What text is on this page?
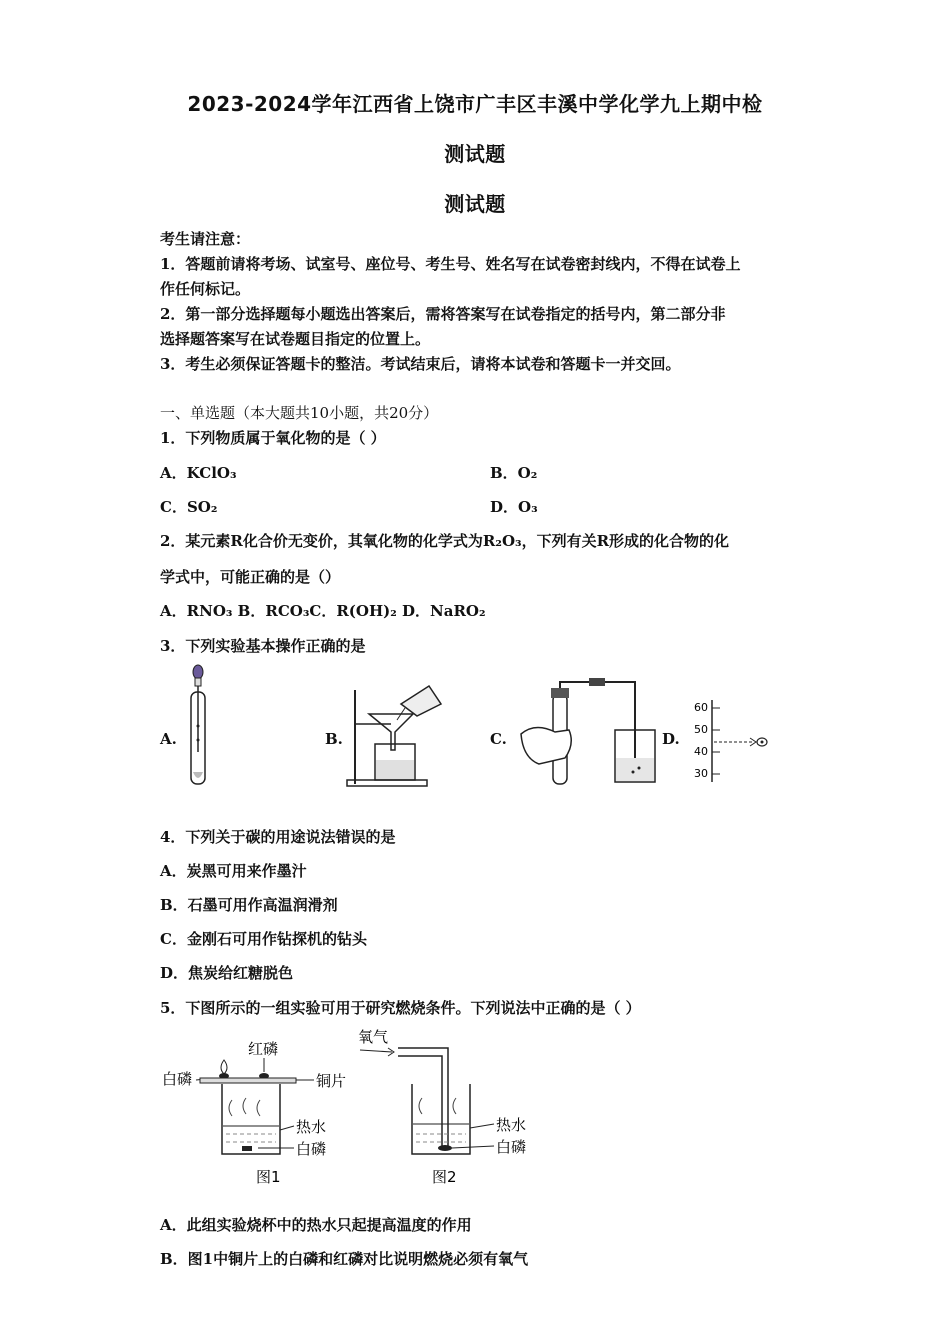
2023-2024学年江西省上饶市广丰区丰溪中学化学九上期中检
测试题
测试题
考生请注意：
1．答题前请将考场、试室号、座位号、考生号、姓名写在试卷密封线内，不得在试卷上
作任何标记。
2．第一部分选择题每小题选出答案后，需将答案写在试卷指定的括号内，第二部分非
选择题答案写在试卷题目指定的位置上。
3．考生必须保证答题卡的整洁。考试结束后，请将本试卷和答题卡一并交回。
一、单选题（本大题共10小题，共20分）
1．下列物质属于氧化物的是（ ）
A．KClO₃	B．O₂
C．SO₂	D．O₃
2．某元素R化合价无变价，其氧化物的化学式为R₂O₃，下列有关R形成的化合物的化
学式中，可能正确的是（）
A．RNO₃ B．RCO₃C．R(OH)₂ D．NaRO₂
3．下列实验基本操作正确的是
A.	B.	C.	D.
60
50
40
30
4．下列关于碳的用途说法错误的是
A．炭黑可用来作墨汁
B．石墨可用作高温润滑剂
C．金刚石可用作钻探机的钻头
D．焦炭给红糖脱色
5．下图所示的一组实验可用于研究燃烧条件。下列说法中正确的是（ ）
红磷
白磷	铜片
热水
白磷
图1
氧气
热水
白磷
图2
A．此组实验烧杯中的热水只起提高温度的作用
B．图1中铜片上的白磷和红磷对比说明燃烧必须有氧气
